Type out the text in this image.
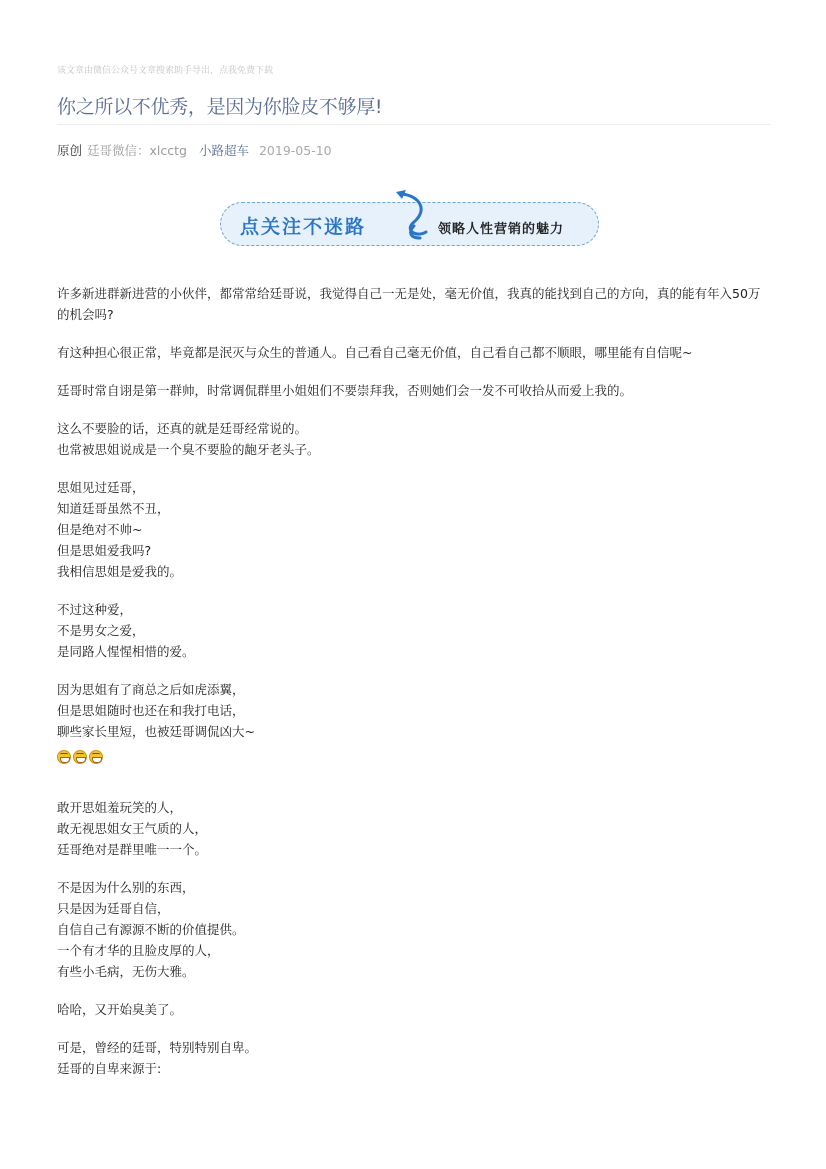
该文章由微信公众号文章搜索助手导出，点我免费下载
你之所以不优秀，是因为你脸皮不够厚!
原创 廷哥微信：xlcctg 小路超车 2019-05-10
点关注不迷路	领略人性营销的魅力
许多新进群新进营的小伙伴，都常常给廷哥说，我觉得自己一无是处，毫无价值，我真的能找到自己的方向，真的能有年入50万的机会吗?
有这种担心很正常，毕竟都是泯灭与众生的普通人。自己看自己毫无价值，自己看自己都不顺眼，哪里能有自信呢~
廷哥时常自诩是第一群帅，时常调侃群里小姐姐们不要崇拜我，否则她们会一发不可收拾从而爱上我的。
这么不要脸的话，还真的就是廷哥经常说的。
也常被思姐说成是一个臭不要脸的龅牙老头子。
思姐见过廷哥，
知道廷哥虽然不丑，
但是绝对不帅~
但是思姐爱我吗?
我相信思姐是爱我的。
不过这种爱，
不是男女之爱，
是同路人惺惺相惜的爱。
因为思姐有了商总之后如虎添翼，
但是思姐随时也还在和我打电话，
聊些家长里短，也被廷哥调侃凶大~
敢开思姐羞玩笑的人，
敢无视思姐女王气质的人，
廷哥绝对是群里唯一一个。
不是因为什么别的东西，
只是因为廷哥自信，
自信自己有源源不断的价值提供。
一个有才华的且脸皮厚的人，
有些小毛病，无伤大雅。
哈哈，又开始臭美了。
可是，曾经的廷哥，特别特别自卑。
廷哥的自卑来源于:
